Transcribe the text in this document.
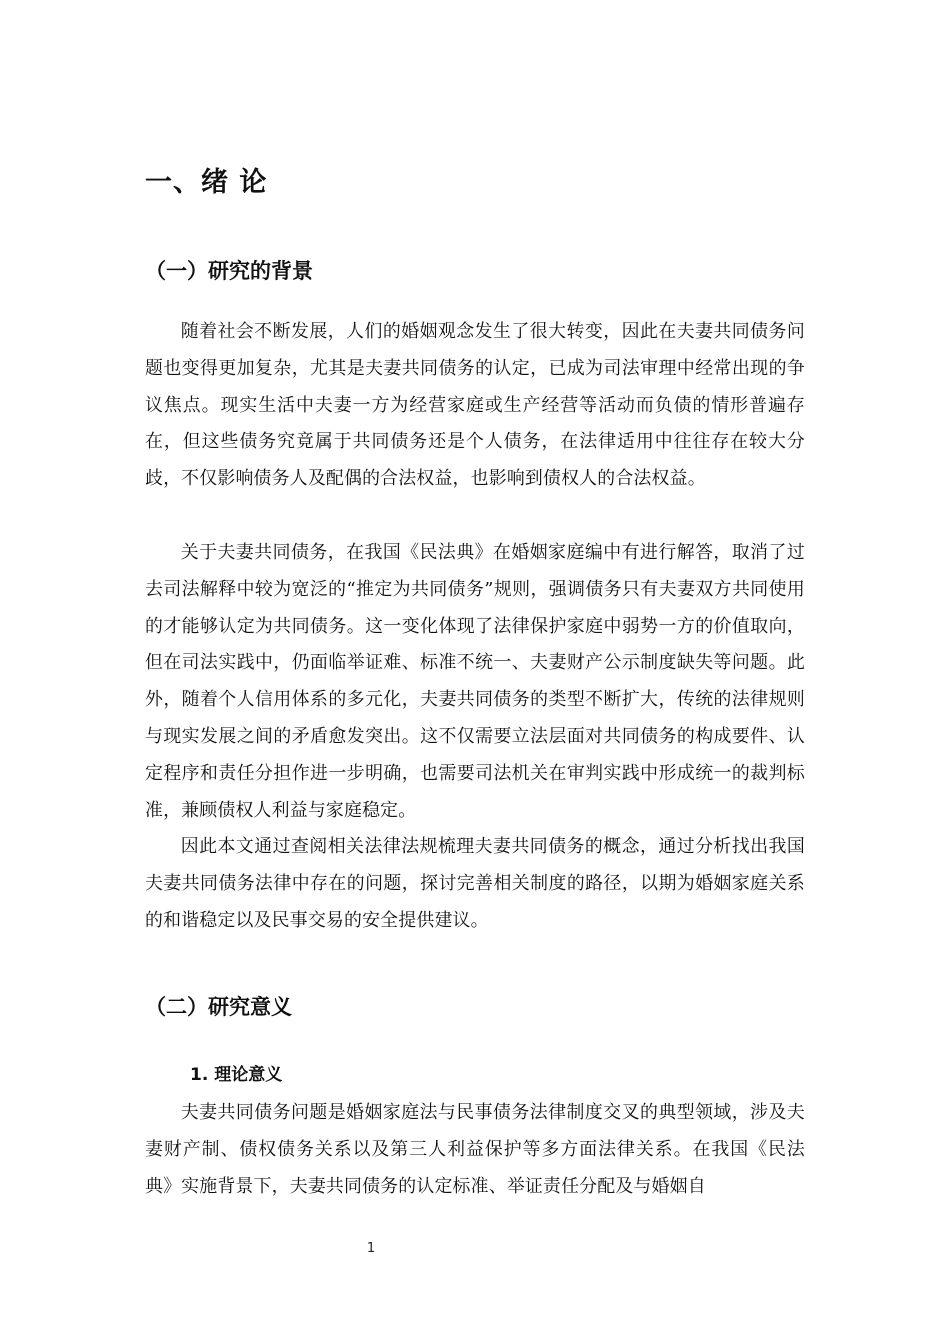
一、绪 论
（一）研究的背景

随着社会不断发展，人们的婚姻观念发生了很大转变，因此在夫妻共同债务问题也变得更加复杂，尤其是夫妻共同债务的认定，已成为司法审理中经常出现的争议焦点。现实生活中夫妻一方为经营家庭或生产经营等活动而负债的情形普遍存在，但这些债务究竟属于共同债务还是个人债务，在法律适用中往往存在较大分歧，不仅影响债务人及配偶的合法权益，也影响到债权人的合法权益。

关于夫妻共同债务，在我国《民法典》在婚姻家庭编中有进行解答，取消了过去司法解释中较为宽泛的“推定为共同债务”规则，强调债务只有夫妻双方共同使用的才能够认定为共同债务。这一变化体现了法律保护家庭中弱势一方的价值取向，但在司法实践中，仍面临举证难、标准不统一、夫妻财产公示制度缺失等问题。此外，随着个人信用体系的多元化，夫妻共同债务的类型不断扩大，传统的法律规则与现实发展之间的矛盾愈发突出。这不仅需要立法层面对共同债务的构成要件、认定程序和责任分担作进一步明确，也需要司法机关在审判实践中形成统一的裁判标准，兼顾债权人利益与家庭稳定。

因此本文通过查阅相关法律法规梳理夫妻共同债务的概念，通过分析找出我国夫妻共同债务法律中存在的问题，探讨完善相关制度的路径，以期为婚姻家庭关系的和谐稳定以及民事交易的安全提供建议。

（二）研究意义
1. 理论意义

夫妻共同债务问题是婚姻家庭法与民事债务法律制度交叉的典型领域，涉及夫妻财产制、债权债务关系以及第三人利益保护等多方面法律关系。在我国《民法典》实施背景下，夫妻共同债务的认定标准、举证责任分配及与婚姻自

1
